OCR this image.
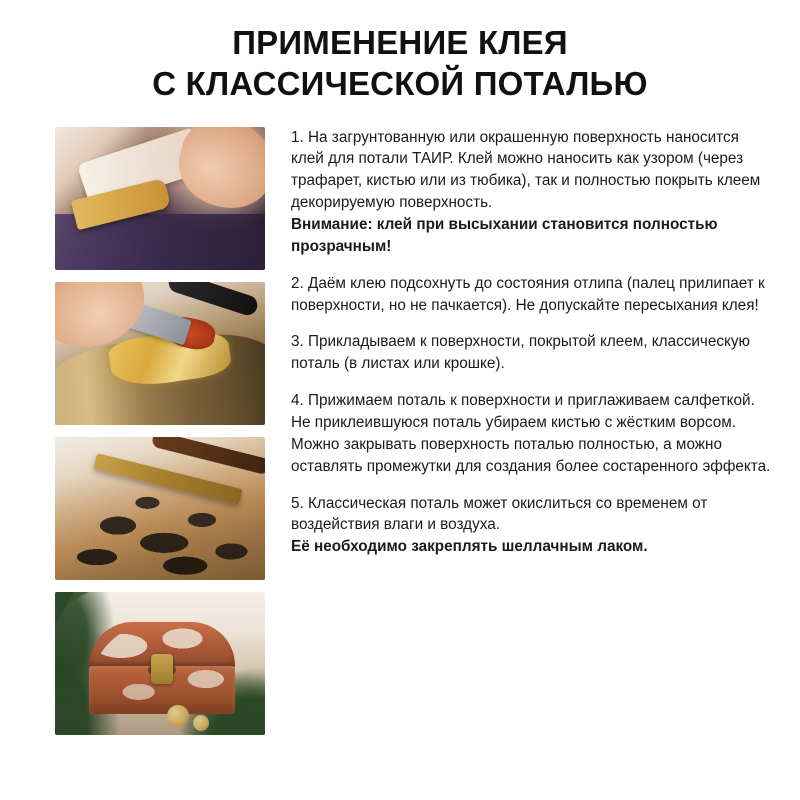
ПРИМЕНЕНИЕ КЛЕЯ
С КЛАССИЧЕСКОЙ ПОТАЛЬЮ

1. На загрунтованную или окрашенную поверхность наносится клей для потали ТАИР. Клей можно наносить как узором (через трафарет, кистью или из тюбика), так и полностью покрыть клеем декорируемую поверхность.

Внимание: клей при высыхании становится полностью прозрачным!

2. Даём клею подсохнуть до состояния отлипа (палец прилипает к поверхности, но не пачкается). Не допускайте пересыхания клея!

3. Прикладываем к поверхности, покрытой клеем, классическую поталь (в листах или крошке).

4. Прижимаем поталь к поверхности и приглаживаем салфеткой. Не приклеившуюся поталь убираем кистью с жёстким ворсом. Можно закрывать поверхность поталью полностью, а можно оставлять промежутки для создания более состаренного эффекта.

5. Классическая поталь может окислиться со временем от воздействия влаги и воздуха.

Её необходимо закреплять шеллачным лаком.
